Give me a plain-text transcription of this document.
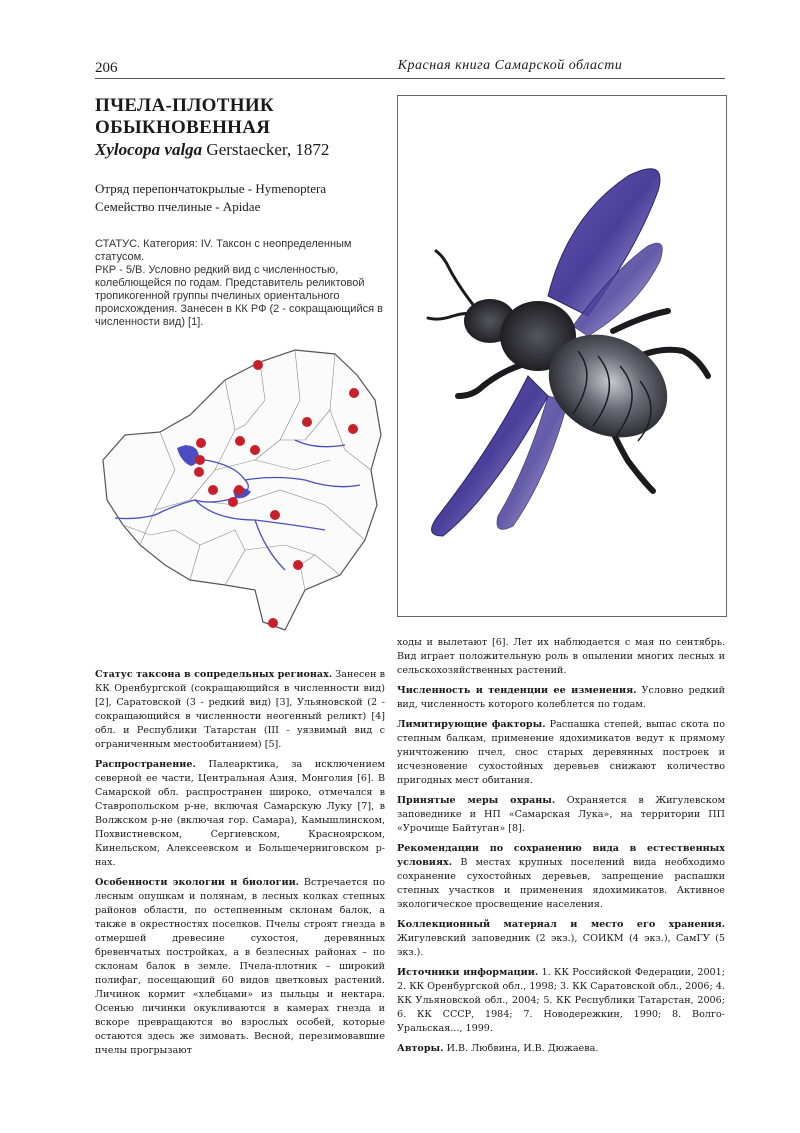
206	Красная книга Самарской области
ПЧЕЛА-ПЛОТНИК
ОБЫКНОВЕННАЯ
Xylocopa valga Gerstaecker, 1872
Отряд перепончатокрылые - Hymenoptera
Семейство пчелиные - Apidae
СТАТУС. Категория: IV. Таксон с неопределенным статусом.
РКР - 5/В. Условно редкий вид с численностью, колеблющейся по годам. Представитель реликтовой тропикогенной группы пчелиных ориентального происхождения. Занесен в КК РФ (2 - сокращающийся в численности вид) [1].

Статус таксона в сопредельных регионах. Занесен в КК Оренбургской (сокращающийся в численности вид) [2], Саратовской (3 - редкий вид) [3], Ульяновской (2 - сокращающийся в численности неогенный реликт) [4] обл. и Республики Татарстан (III - уязвимый вид с ограниченным местообитанием) [5].

Распространение. Палеарктика, за исключением северной ее части, Центральная Азия, Монголия [6]. В Самарской обл. распространен широко, отмечался в Ставропольском р-не, включая Самарскую Луку [7], в Волжском р-не (включая гор. Самара), Камышлинском, Похвистневском, Сергиевском, Красноярском, Кинельском, Алексеевском и Большечерниговском р-нах.

Особенности экологии и биологии. Встречается по лесным опушкам и полянам, в лесных колках степных районов области, по остепненным склонам балок, а также в окрестностях поселков. Пчелы строят гнезда в отмершей древесине сухостоя, деревянных бревенчатых постройках, а в безлесных районах – по склонам балок в земле. Пчела-плотник – широкий полифаг, посещающий 60 видов цветковых растений. Личинок кормит «хлебцами» из пыльцы и нектара. Осенью личинки окукливаются в камерах гнезда и вскоре превращаются во взрослых особей, которые остаются здесь же зимовать. Весной, перезимовавшие пчелы прогрызают

ходы и вылетают [6]. Лет их наблюдается с мая по сентябрь. Вид играет положительную роль в опылении многих лесных и сельскохозяйственных растений.

Численность и тенденции ее изменения. Условно редкий вид, численность которого колеблется по годам.

Лимитирующие факторы. Распашка степей, выпас скота по степным балкам, применение ядохимикатов ведут к прямому уничтожению пчел, снос старых деревянных построек и исчезновение сухостойных деревьев снижают количество пригодных мест обитания.

Принятые меры охраны. Охраняется в Жигулевском заповеднике и НП «Самарская Лука», на территории ПП «Урочище Байтуган» [8].

Рекомендации по сохранению вида в естественных условиях. В местах крупных поселений вида необходимо сохранение сухостойных деревьев, запрещение распашки степных участков и применения ядохимикатов. Активное экологическое просвещение населения.

Коллекционный материал и место его хранения. Жигулевский заповедник (2 экз.), СОИКМ (4 экз.), СамГУ (5 экз.).

Источники информации. 1. КК Российской Федерации, 2001; 2. КК Оренбургской обл., 1998; 3. КК Саратовской обл., 2006; 4. КК Ульяновской обл., 2004; 5. КК Республики Татарстан, 2006; 6. КК СССР, 1984; 7. Новодережкин, 1990; 8. Волго-Уральская..., 1999.

Авторы. И.В. Любвина, И.В. Дюжаева.
